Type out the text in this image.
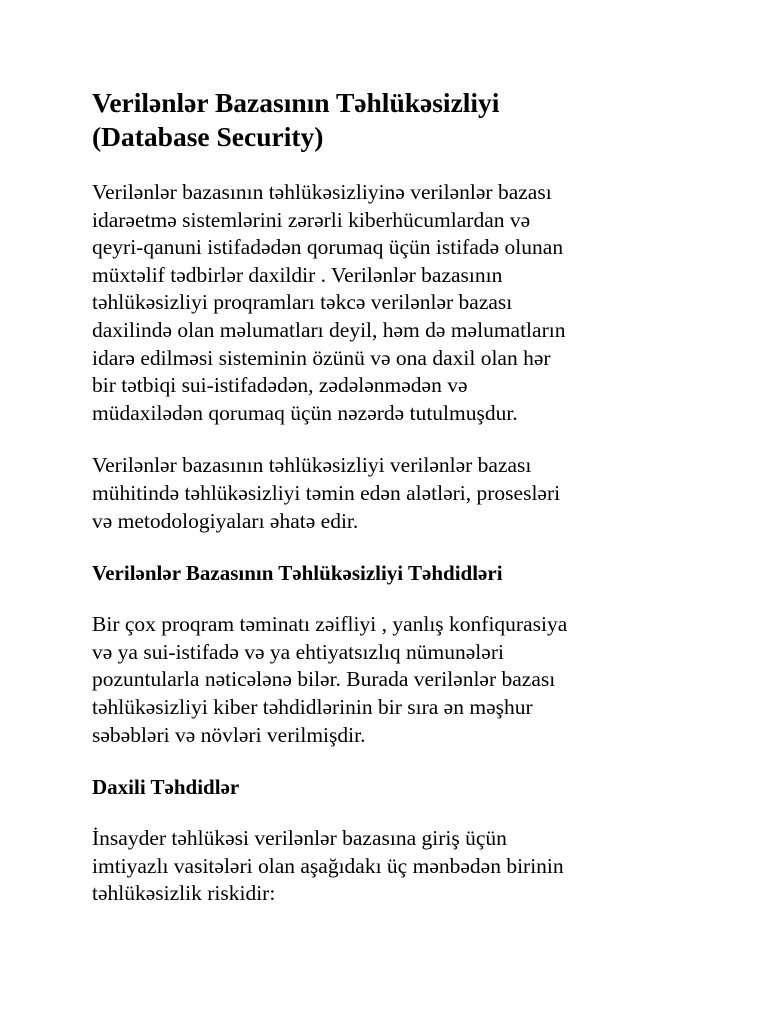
Verilənlər Bazasının Təhlükəsizliyi
(Database Security)

Verilənlər bazasının təhlükəsizliyinə verilənlər bazası
idarəetmə sistemlərini zərərli kiberhücumlardan və
qeyri-qanuni istifadədən qorumaq üçün istifadə olunan
müxtəlif tədbirlər daxildir . Verilənlər bazasının
təhlükəsizliyi proqramları təkcə verilənlər bazası
daxilində olan məlumatları deyil, həm də məlumatların
idarə edilməsi sisteminin özünü və ona daxil olan hər
bir tətbiqi sui-istifadədən, zədələnmədən və
müdaxilədən qorumaq üçün nəzərdə tutulmuşdur.

Verilənlər bazasının təhlükəsizliyi verilənlər bazası
mühitində təhlükəsizliyi təmin edən alətləri, prosesləri
və metodologiyaları əhatə edir.

Verilənlər Bazasının Təhlükəsizliyi Təhdidləri

Bir çox proqram təminatı zəifliyi , yanlış konfiqurasiya
və ya sui-istifadə və ya ehtiyatsızlıq nümunələri
pozuntularla nəticələnə bilər. Burada verilənlər bazası
təhlükəsizliyi kiber təhdidlərinin bir sıra ən məşhur
səbəbləri və növləri verilmişdir.

Daxili Təhdidlər

İnsayder təhlükəsi verilənlər bazasına giriş üçün
imtiyazlı vasitələri olan aşağıdakı üç mənbədən birinin
təhlükəsizlik riskidir:
